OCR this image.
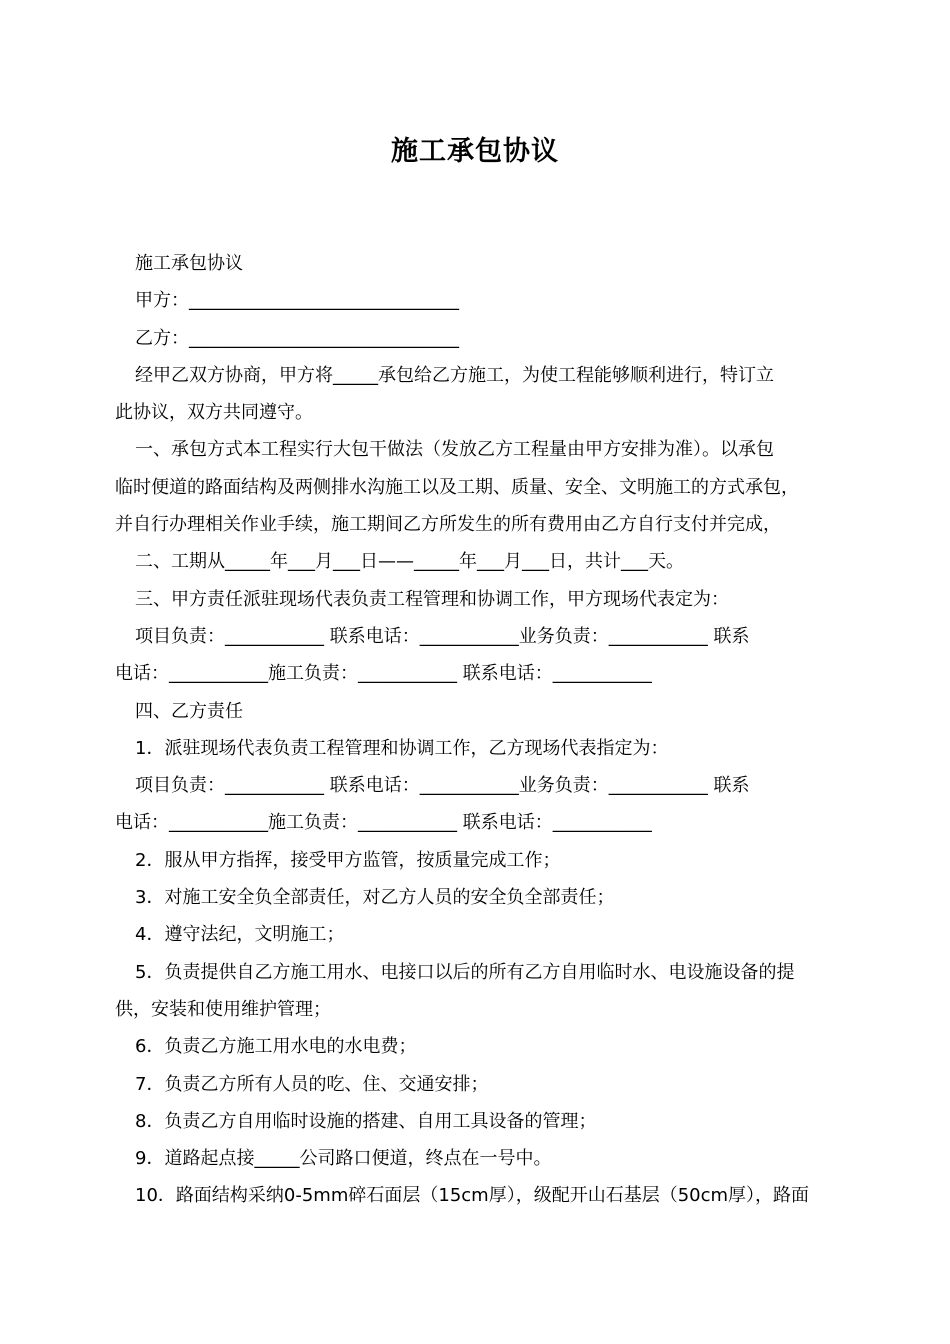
施工承包协议

施工承包协议

甲方：______________________________

乙方：______________________________

经甲乙双方协商，甲方将_____承包给乙方施工，为使工程能够顺利进行，特订立

此协议，双方共同遵守。

一、承包方式本工程实行大包干做法（发放乙方工程量由甲方安排为准）。以承包

临时便道的路面结构及两侧排水沟施工以及工期、质量、安全、文明施工的方式承包，

并自行办理相关作业手续，施工期间乙方所发生的所有费用由乙方自行支付并完成，

二、工期从_____年___月___日——_____年___月___日，共计___天。

三、甲方责任派驻现场代表负责工程管理和协调工作，甲方现场代表定为：

项目负责：___________ 联系电话：___________业务负责：___________ 联系

电话：___________施工负责：___________ 联系电话：___________

四、乙方责任

1．派驻现场代表负责工程管理和协调工作，乙方现场代表指定为：

项目负责：___________ 联系电话：___________业务负责：___________ 联系

电话：___________施工负责：___________ 联系电话：___________

2．服从甲方指挥，接受甲方监管，按质量完成工作；

3．对施工安全负全部责任，对乙方人员的安全负全部责任；

4．遵守法纪，文明施工；

5．负责提供自乙方施工用水、电接口以后的所有乙方自用临时水、电设施设备的提

供，安装和使用维护管理；

6．负责乙方施工用水电的水电费；

7．负责乙方所有人员的吃、住、交通安排；

8．负责乙方自用临时设施的搭建、自用工具设备的管理；

9．道路起点接_____公司路口便道，终点在一号中。

10．路面结构采纳0-5mm碎石面层（15cm厚），级配开山石基层（50cm厚），路面
